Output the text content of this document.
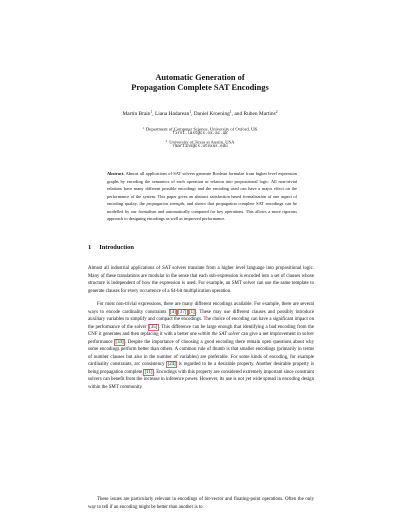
Automatic Generation of
Propagation Complete SAT Encodings
Martin Brain$^1$, Liana Hadarean$^1$, Daniel Kroening$^1$, and Ruben Martins$^2$
$^1$ Department of Computer Science, University of Oxford, UK
first.last@cs.ox.ac.uk
$^2$ University of Texas at Austin, USA
rmartins@cs.utexas.edu
Abstract. Almost all applications of SAT solvers generate Boolean formulae from higher level expression graphs by encoding the semantics of each operation or relation into propositional logic. All non-trivial relations have many different possible encodings and the encoding used can have a major effect on the performance of the system. This paper gives an abstract satisfaction based formalisation of one aspect of encoding quality, the propagation strength, and shows that propagation complete SAT encodings can be modelled by our formalism and automatically computed for key operations. This allows a more rigorous approach to designing encodings as well as improved performance.
1 Introduction
Almost all industrial applications of SAT solvers translate from a higher level language into propositional logic. Many of these translations are modular in the sense that each sub-expression is encoded into a set of clauses whose structure is independent of how the expression is used. For example, an SMT solver can use the same template to generate clauses for every occurrence of a 64-bit multiplication operation.
For most non-trivial expressions, there are many different encodings available. For example, there are several ways to encode cardinality constraints [4] [37] [1]. These may use different clauses and possibly introduce auxiliary variables to simplify and compact the encodings. The choice of encoding can have a significant impact on the performance of the solver [35]. This difference can be large enough that identifying a bad encoding from the CNF it generates and then replacing it with a better one within the SAT solver can give a net improvement in solver performance [34]. Despite the importance of choosing a good encoding there remain open questions about why some encodings perform better than others. A common rule of thumb is that smaller encodings (primarily in terms of number clauses but also in the number of variables) are preferable. For some kinds of encoding, for example cardinality constraints, arc consistency [24] is regarded to be a desirable property. Another desirable property is being propagation complete [11]. Encodings with this property are considered extremely important since constraint solvers can benefit from the increase in inference power. However, its use is not yet wide spread in encoding design within the SMT community.
These issues are particularly relevant in encodings of bit-vector and floating-point operations. Often the only way to tell if an encoding might be better than another is to
